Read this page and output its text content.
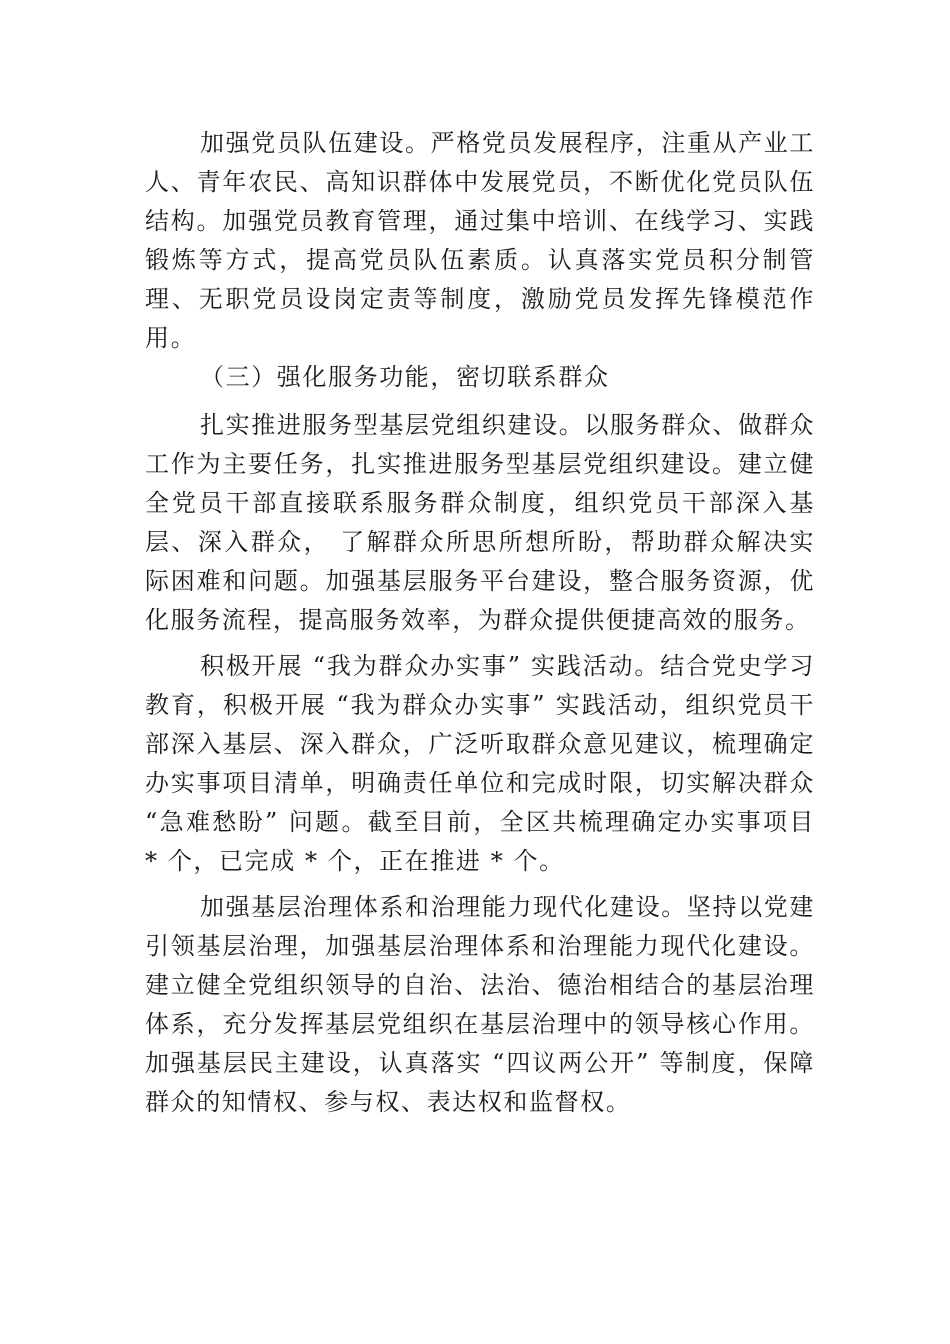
加强党员队伍建设。严格党员发展程序，注重从产业工人、青年农民、高知识群体中发展党员，不断优化党员队伍结构。加强党员教育管理，通过集中培训、在线学习、实践锻炼等方式，提高党员队伍素质。认真落实党员积分制管理、无职党员设岗定责等制度，激励党员发挥先锋模范作用。

（三）强化服务功能，密切联系群众

扎实推进服务型基层党组织建设。以服务群众、做群众工作为主要任务，扎实推进服务型基层党组织建设。建立健全党员干部直接联系服务群众制度，组织党员干部深入基层、深入群众， 了解群众所思所想所盼，帮助群众解决实际困难和问题。加强基层服务平台建设，整合服务资源，优化服务流程，提高服务效率，为群众提供便捷高效的服务。

积极开展 “我为群众办实事” 实践活动。结合党史学习教育，积极开展 “我为群众办实事” 实践活动，组织党员干部深入基层、深入群众，广泛听取群众意见建议，梳理确定办实事项目清单，明确责任单位和完成时限，切实解决群众 “急难愁盼” 问题。截至目前，全区共梳理确定办实事项目 * 个，已完成 * 个，正在推进 * 个。

加强基层治理体系和治理能力现代化建设。坚持以党建引领基层治理，加强基层治理体系和治理能力现代化建设。建立健全党组织领导的自治、法治、德治相结合的基层治理体系，充分发挥基层党组织在基层治理中的领导核心作用。加强基层民主建设，认真落实 “四议两公开” 等制度，保障群众的知情权、参与权、表达权和监督权。
